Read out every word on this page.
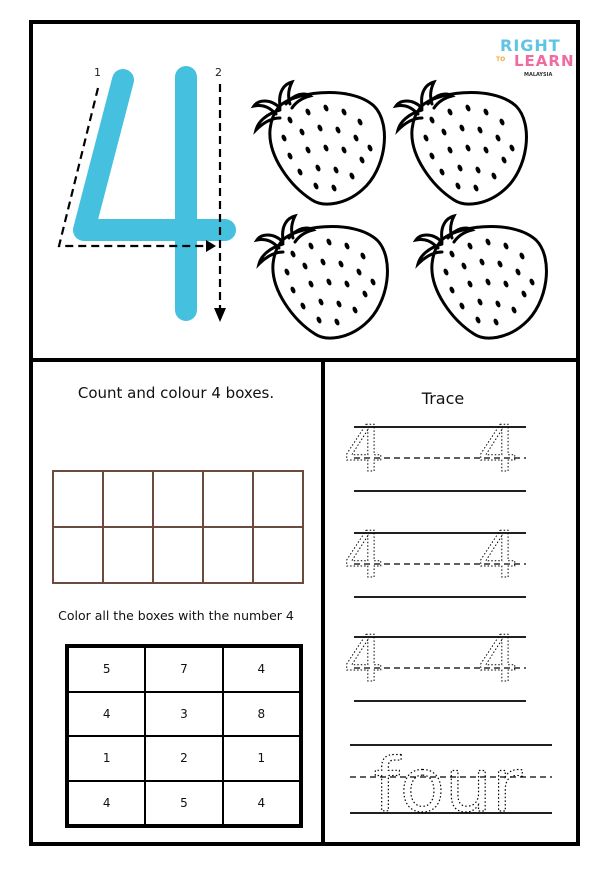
RIGHT
TO LEARN
MALAYSIA
1	2
Count and colour 4 boxes.
Color all the boxes with the number 4
5	7	4
4	3	8
1	2	1
4	5	4
Trace
4 4
4 4
4 4
four
